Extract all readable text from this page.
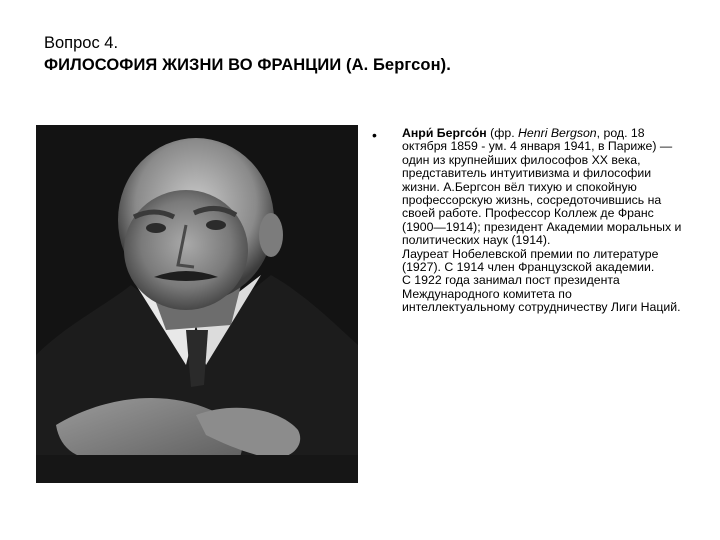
Вопрос 4.
ФИЛОСОФИЯ ЖИЗНИ ВО ФРАНЦИИ (А. Бергсон).
• Анри́ Бергсо́н (фр. Henri Bergson, род. 18 октября 1859 - ум. 4 января 1941, в Париже) — один из крупнейших философов XX века, представитель интуитивизма и философии жизни. А.Бергсон вёл тихую и спокойную профессорскую жизнь, сосредоточившись на своей работе. Профессор Коллеж де Франс (1900—1914); президент Академии моральных и политических наук (1914).

Лауреат Нобелевской премии по литературе (1927). С 1914 член Французской академии.

С 1922 года занимал пост президента Международного комитета по интеллектуальному сотрудничеству Лиги Наций.
